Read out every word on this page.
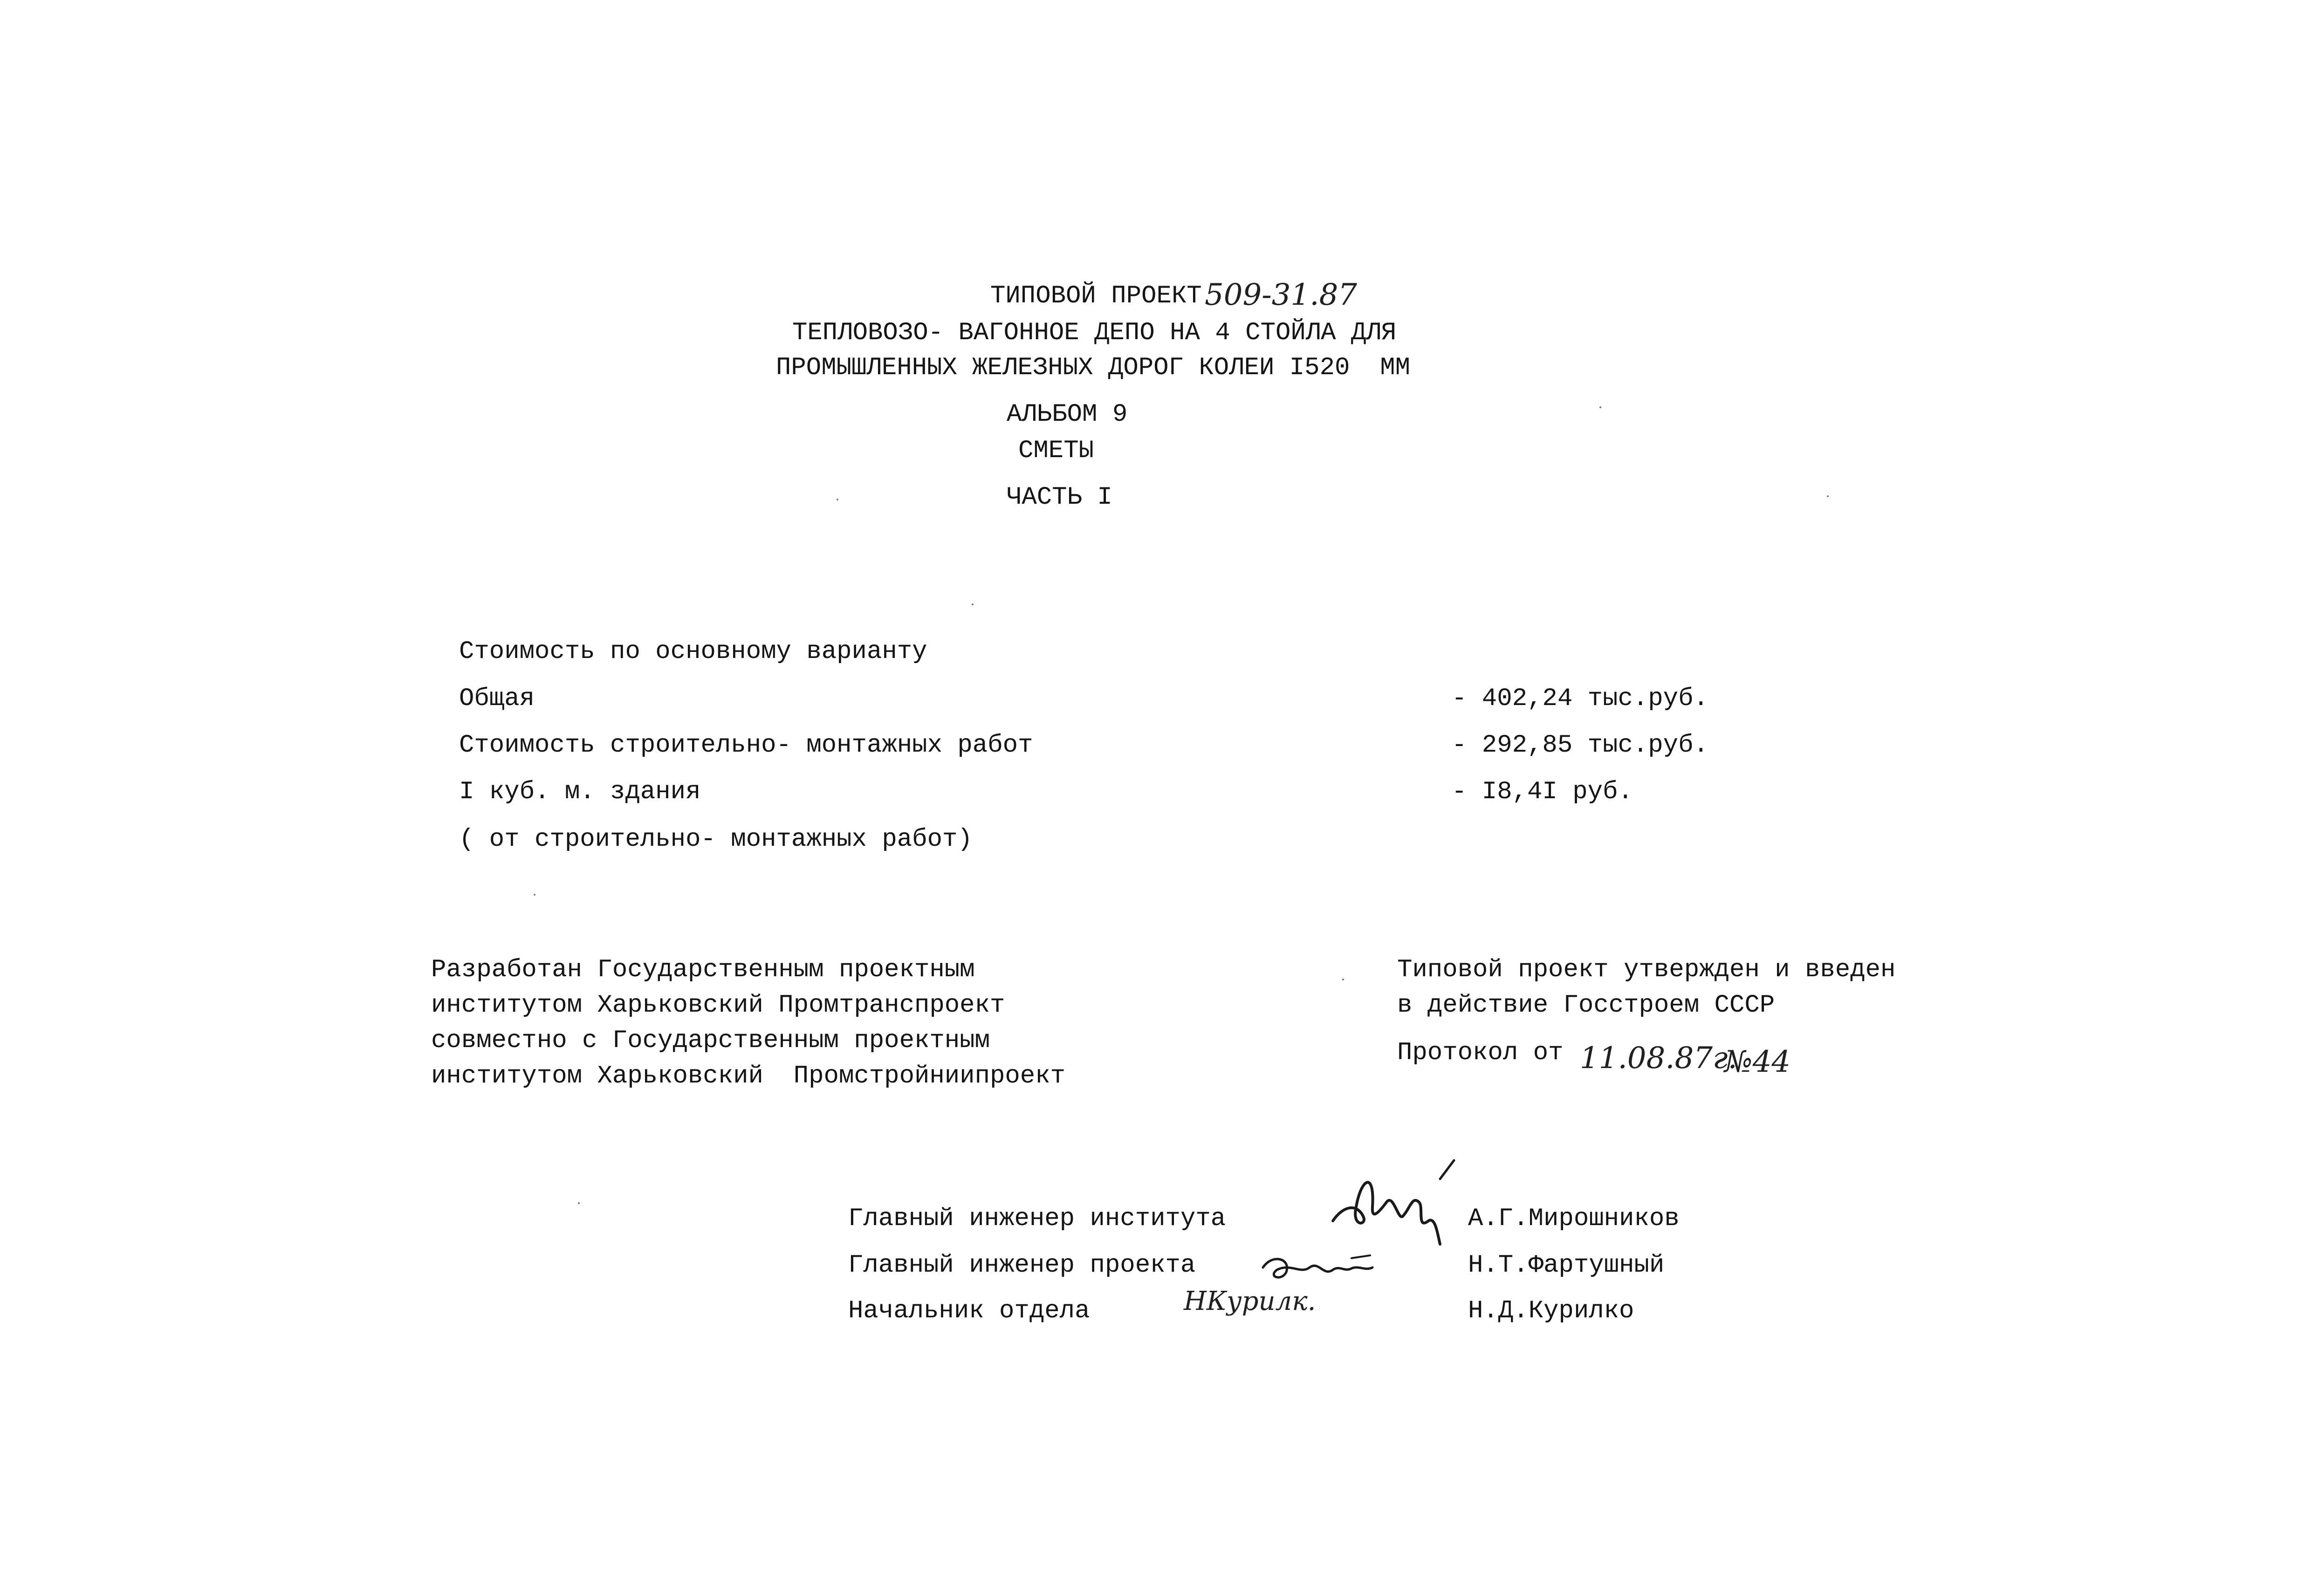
ТИПОВОЙ ПРОЕКТ 509-31.87
ТЕПЛОВОЗО- ВАГОННОЕ ДЕПО НА 4 СТОЙЛА ДЛЯ
ПРОМЫШЛЕННЫХ ЖЕЛЕЗНЫХ ДОРОГ КОЛЕИ I520  ММ
АЛЬБОМ 9
СМЕТЫ
ЧАСТЬ I
Стоимость по основному варианту
Общая	- 402,24 тыс.руб.
Стоимость строительно- монтажных работ	- 292,85 тыс.руб.
I куб. м. здания	- I8,4I руб.
( от строительно- монтажных работ)
Разработан Государственным проектным
институтом Харьковский Промтранспроект
совместно с Государственным проектным
институтом Харьковский  Промстройниипроект
Типовой проект утвержден и введен
в действие Госстроем СССР
Протокол от 11.08.87г.
№44
Главный инженер института	А.Г.Мирошников
Главный инженер проекта	Н.Т.Фартушный
Начальник отдела	Н.Д.Курилко
НКурилк.
